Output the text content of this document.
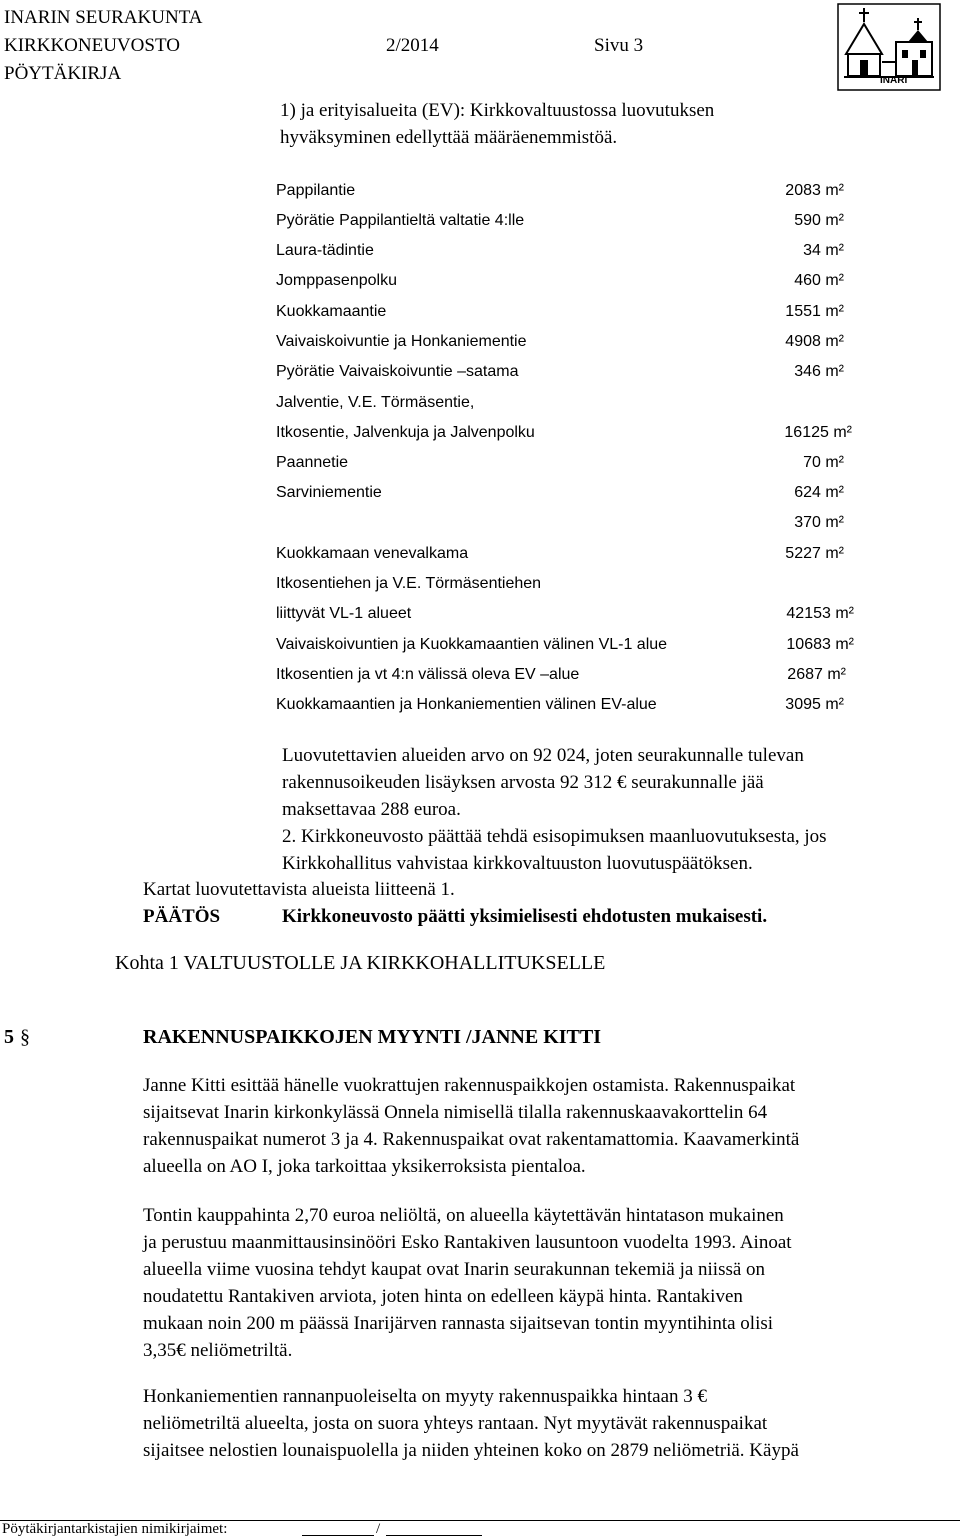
INARIN SEURAKUNTA
KIRKKONEUVOSTO	2/2014	Sivu 3
PÖYTÄKIRJA	INARI
1) ja erityisalueita (EV): Kirkkovaltuustossa luovutuksen
hyväksyminen edellyttää määräenemmistöä.
Pappilantie	2083 m²
Pyörätie Pappilantieltä valtatie 4:lle	590 m²
Laura-tädintie	34 m²
Jomppasenpolku	460 m²
Kuokkamaantie	1551 m²
Vaivaiskoivuntie ja Honkaniementie	4908 m²
Pyörätie Vaivaiskoivuntie –satama	346 m²
Jalventie, V.E. Törmäsentie,
Itkosentie, Jalvenkuja ja Jalvenpolku	16125 m²
Paannetie	70 m²
Sarviniementie	624 m²
370 m²
Kuokkamaan venevalkama	5227 m²
Itkosentiehen ja V.E. Törmäsentiehen
liittyvät VL-1 alueet	42153 m²
Vaivaiskoivuntien ja Kuokkamaantien välinen VL-1 alue	10683 m²
Itkosentien ja vt 4:n välissä oleva EV –alue	2687 m²
Kuokkamaantien ja Honkaniementien välinen EV-alue	3095 m²
Luovutettavien alueiden arvo on 92 024, joten seurakunnalle tulevan
rakennusoikeuden lisäyksen arvosta 92 312 € seurakunnalle jää
maksettavaa 288 euroa.
2. Kirkkoneuvosto päättää tehdä esisopimuksen maanluovutuksesta, jos
Kirkkohallitus vahvistaa kirkkovaltuuston luovutuspäätöksen.
Kartat luovutettavista alueista liitteenä 1.
PÄÄTÖS	Kirkkoneuvosto päätti yksimielisesti ehdotusten mukaisesti.
Kohta 1 VALTUUSTOLLE JA KIRKKOHALLITUKSELLE
5 §	RAKENNUSPAIKKOJEN MYYNTI /JANNE KITTI
Janne Kitti esittää hänelle vuokrattujen rakennuspaikkojen ostamista. Rakennuspaikat
sijaitsevat Inarin kirkonkylässä Onnela nimisellä tilalla rakennuskaavakorttelin 64
rakennuspaikat numerot 3 ja 4. Rakennuspaikat ovat rakentamattomia. Kaavamerkintä
alueella on AO I, joka tarkoittaa yksikerroksista pientaloa.
Tontin kauppahinta 2,70 euroa neliöltä, on alueella käytettävän hintatason mukainen
ja perustuu maanmittausinsinööri Esko Rantakiven lausuntoon vuodelta 1993. Ainoat
alueella viime vuosina tehdyt kaupat ovat Inarin seurakunnan tekemiä ja niissä on
noudatettu Rantakiven arviota, joten hinta on edelleen käypä hinta. Rantakiven
mukaan noin 200 m päässä Inarijärven rannasta sijaitsevan tontin myyntihinta olisi
3,35€ neliömetriltä.
Honkaniementien rannanpuoleiselta on myyty rakennuspaikka hintaan 3 €
neliömetriltä alueelta, josta on suora yhteys rantaan. Nyt myytävät rakennuspaikat
sijaitsee nelostien lounaispuolella ja niiden yhteinen koko on 2879 neliömetriä. Käypä
Pöytäkirjantarkistajien nimikirjaimet:	/
